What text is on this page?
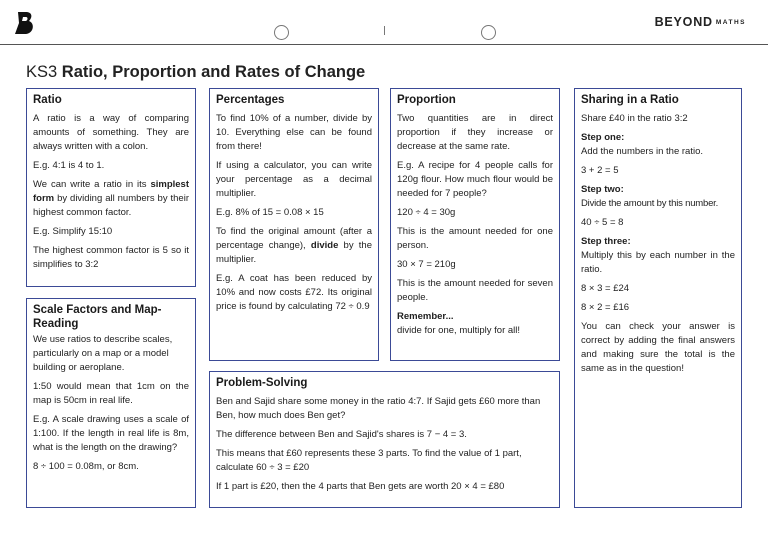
BEYOND MATHS
KS3 Ratio, Proportion and Rates of Change
Ratio

A ratio is a way of comparing amounts of something. They are always written with a colon.

E.g. 4:1 is 4 to 1.

We can write a ratio in its simplest form by dividing all numbers by their highest common factor.

E.g. Simplify 15:10

The highest common factor is 5 so it simplifies to 3:2

Scale Factors and Map-Reading

We use ratios to describe scales, particularly on a map or a model building or aeroplane.

1:50 would mean that 1cm on the map is 50cm in real life.

E.g. A scale drawing uses a scale of 1:100. If the length in real life is 8m, what is the length on the drawing?

8 ÷ 100 = 0.08m, or 8cm.

Percentages

To find 10% of a number, divide by 10. Everything else can be found from there!

If using a calculator, you can write your percentage as a decimal multiplier.

E.g. 8% of 15 = 0.08 × 15

To find the original amount (after a percentage change), divide by the multiplier.

E.g. A coat has been reduced by 10% and now costs £72. Its original price is found by calculating 72 ÷ 0.9

Proportion

Two quantities are in direct proportion if they increase or decrease at the same rate.

E.g. A recipe for 4 people calls for 120g flour. How much flour would be needed for 7 people?

120 ÷ 4 = 30g

This is the amount needed for one person.

30 × 7 = 210g

This is the amount needed for seven people.

Remember...

divide for one, multiply for all!

Problem-Solving

Ben and Sajid share some money in the ratio 4:7. If Sajid gets £60 more than Ben, how much does Ben get?

The difference between Ben and Sajid's shares is 7 − 4 = 3.

This means that £60 represents these 3 parts. To find the value of 1 part, calculate 60 ÷ 3 = £20

If 1 part is £20, then the 4 parts that Ben gets are worth 20 × 4 = £80

Sharing in a Ratio

Share £40 in the ratio 3:2

Step one:

Add the numbers in the ratio.

3 + 2 = 5

Step two:

Divide the amount by this number.

40 ÷ 5 = 8

Step three:

Multiply this by each number in the ratio.

8 × 3 = £24

8 × 2 = £16

You can check your answer is correct by adding the final answers and making sure the total is the same as in the question!
